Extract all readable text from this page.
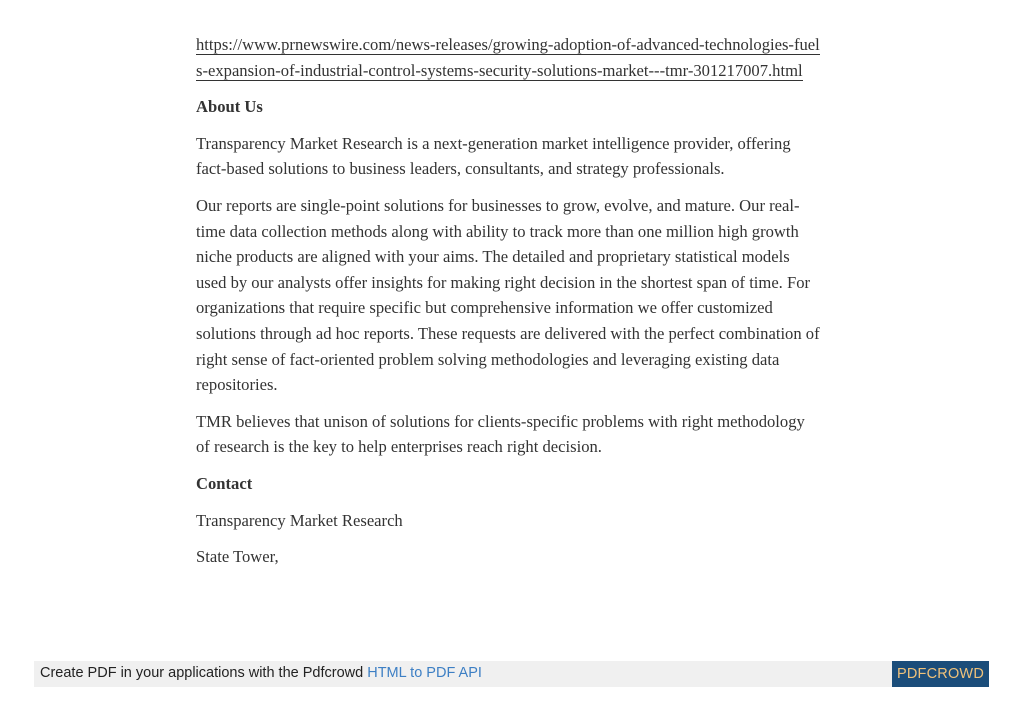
https://www.prnewswire.com/news-releases/growing-adoption-of-advanced-technologies-fuels-expansion-of-industrial-control-systems-security-solutions-market---tmr-301217007.html

About Us

Transparency Market Research is a next-generation market intelligence provider, offering fact-based solutions to business leaders, consultants, and strategy professionals.

Our reports are single-point solutions for businesses to grow, evolve, and mature. Our real-time data collection methods along with ability to track more than one million high growth niche products are aligned with your aims. The detailed and proprietary statistical models used by our analysts offer insights for making right decision in the shortest span of time. For organizations that require specific but comprehensive information we offer customized solutions through ad hoc reports. These requests are delivered with the perfect combination of right sense of fact-oriented problem solving methodologies and leveraging existing data repositories.

TMR believes that unison of solutions for clients-specific problems with right methodology of research is the key to help enterprises reach right decision.

Contact

Transparency Market Research

State Tower,

Create PDF in your applications with the Pdfcrowd HTML to PDF API	PDFCROWD
